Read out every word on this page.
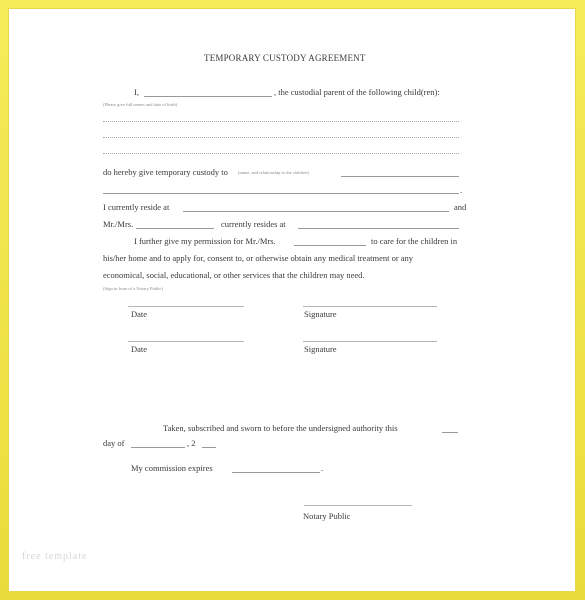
TEMPORARY CUSTODY AGREEMENT
I,	, the custodial parent of the following child(ren):
(Please give full names and date of birth)
do hereby give temporary custody to (name, and relationship to the children)
.
I currently reside at	and
Mr./Mrs.	currently resides at
I further give my permission for Mr./Mrs.	to care for the children in
his/her home and to apply for, consent to, or otherwise obtain any medical treatment or any
economical, social, educational, or other services that the children may need.
(Sign in front of a Notary Public)
Date	Signature
Date	Signature
Taken, subscribed and sworn to before the undersigned authority this
day of	, 2
My commission expires	.
Notary Public
free template
